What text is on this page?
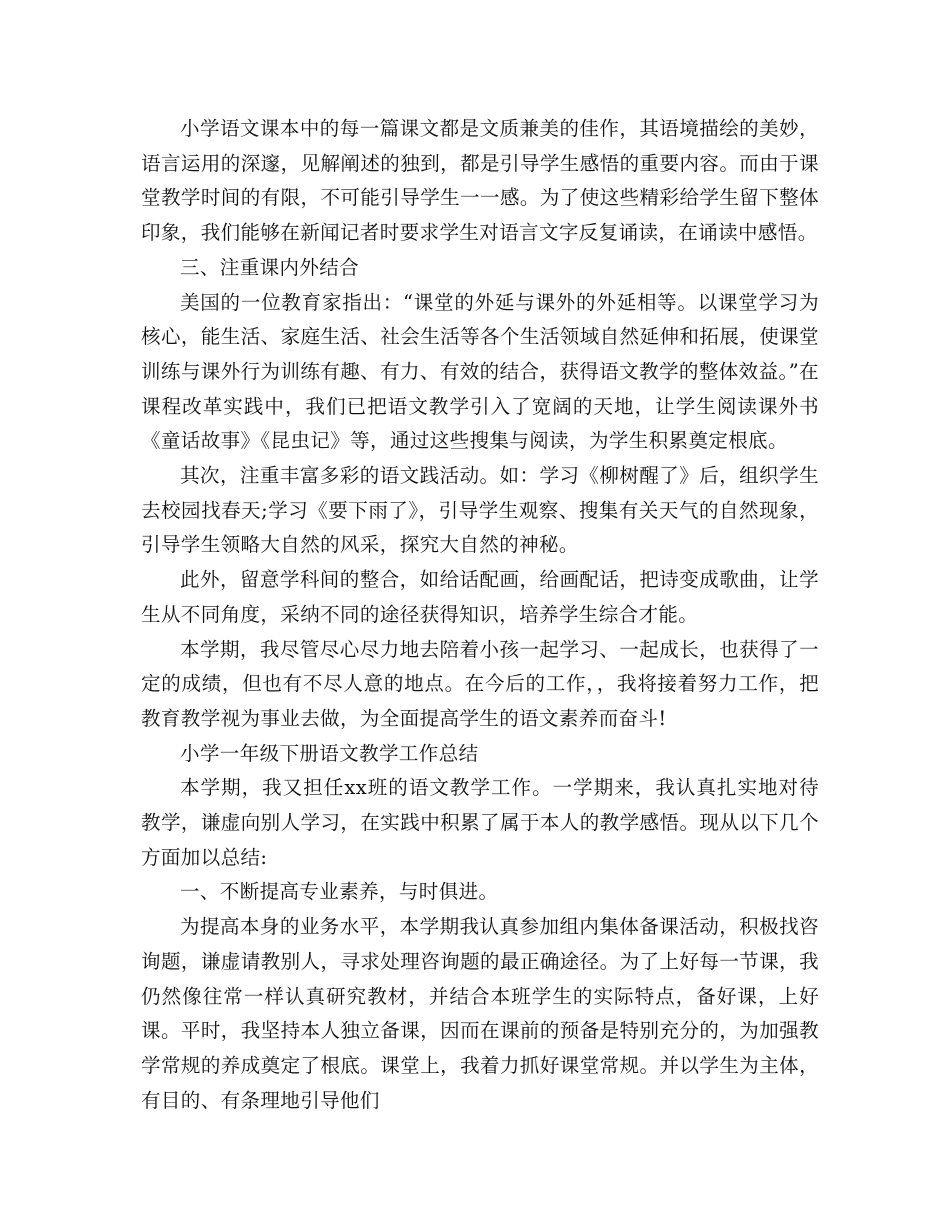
小学语文课本中的每一篇课文都是文质兼美的佳作，其语境描绘的美妙，语言运用的深邃，见解阐述的独到，都是引导学生感悟的重要内容。而由于课堂教学时间的有限，不可能引导学生一一感。为了使这些精彩给学生留下整体印象，我们能够在新闻记者时要求学生对语言文字反复诵读，在诵读中感悟。

三、注重课内外结合

美国的一位教育家指出：“课堂的外延与课外的外延相等。以课堂学习为核心，能生活、家庭生活、社会生活等各个生活领域自然延伸和拓展，使课堂训练与课外行为训练有趣、有力、有效的结合，获得语文教学的整体效益。”在课程改革实践中，我们已把语文教学引入了宽阔的天地，让学生阅读课外书《童话故事》《昆虫记》等，通过这些搜集与阅读，为学生积累奠定根底。

其次，注重丰富多彩的语文践活动。如：学习《柳树醒了》后，组织学生去校园找春天;学习《要下雨了》，引导学生观察、搜集有关天气的自然现象，引导学生领略大自然的风采，探究大自然的神秘。

此外，留意学科间的整合，如给话配画，给画配话，把诗变成歌曲，让学生从不同角度，采纳不同的途径获得知识，培养学生综合才能。

本学期，我尽管尽心尽力地去陪着小孩一起学习、一起成长，也获得了一定的成绩，但也有不尽人意的地点。在今后的工作，，我将接着努力工作，把教育教学视为事业去做，为全面提高学生的语文素养而奋斗!

小学一年级下册语文教学工作总结

本学期，我又担任xx班的语文教学工作。一学期来，我认真扎实地对待教学，谦虚向别人学习，在实践中积累了属于本人的教学感悟。现从以下几个方面加以总结:

一、不断提高专业素养，与时俱进。

为提高本身的业务水平，本学期我认真参加组内集体备课活动，积极找咨询题，谦虚请教别人，寻求处理咨询题的最正确途径。为了上好每一节课，我仍然像往常一样认真研究教材，并结合本班学生的实际特点，备好课，上好课。平时，我坚持本人独立备课，因而在课前的预备是特别充分的，为加强教学常规的养成奠定了根底。课堂上，我着力抓好课堂常规。并以学生为主体，有目的、有条理地引导他们
